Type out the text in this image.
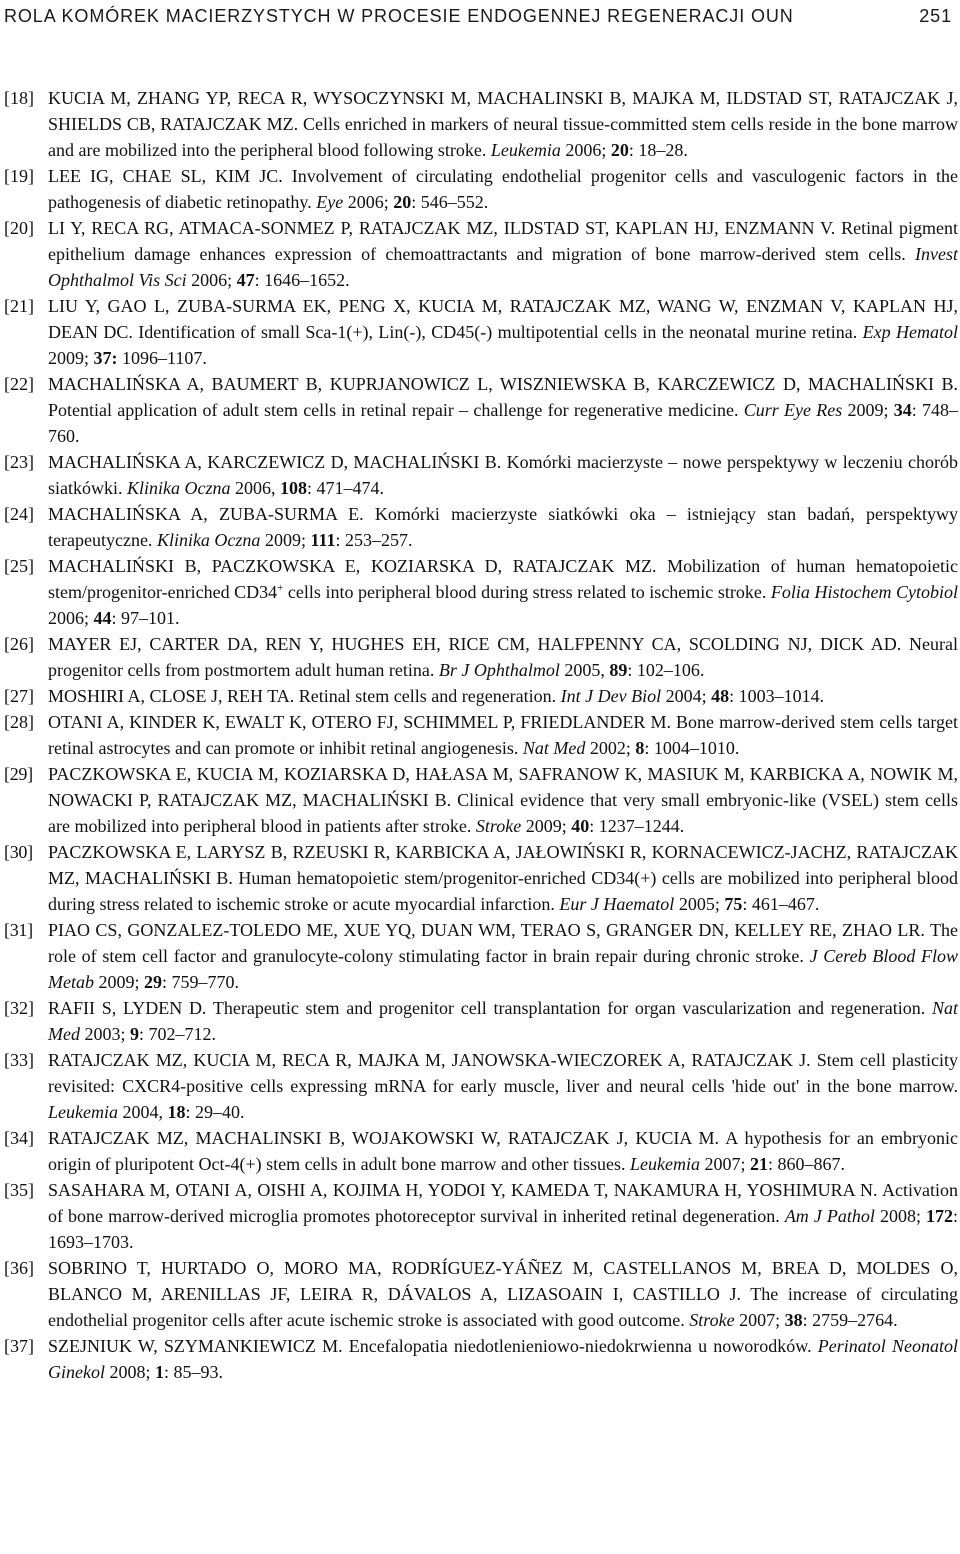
ROLA KOMÓREK MACIERZYSTYCH W PROCESIE ENDOGENNEJ REGENERACJI OUN	251
[18] KUCIA M, ZHANG YP, RECA R, WYSOCZYNSKI M, MACHALINSKI B, MAJKA M, ILDSTAD ST, RATAJCZAK J, SHIELDS CB, RATAJCZAK MZ. Cells enriched in markers of neural tissue-committed stem cells reside in the bone marrow and are mobilized into the peripheral blood following stroke. Leukemia 2006; 20: 18–28.
[19] LEE IG, CHAE SL, KIM JC. Involvement of circulating endothelial progenitor cells and vasculogenic factors in the pathogenesis of diabetic retinopathy. Eye 2006; 20: 546–552.
[20] LI Y, RECA RG, ATMACA-SONMEZ P, RATAJCZAK MZ, ILDSTAD ST, KAPLAN HJ, ENZMANN V. Retinal pigment epithelium damage enhances expression of chemoattractants and migration of bone marrow-derived stem cells. Invest Ophthalmol Vis Sci 2006; 47: 1646–1652.
[21] LIU Y, GAO L, ZUBA-SURMA EK, PENG X, KUCIA M, RATAJCZAK MZ, WANG W, ENZMAN V, KAPLAN HJ, DEAN DC. Identification of small Sca-1(+), Lin(-), CD45(-) multipotential cells in the neonatal murine retina. Exp Hematol 2009; 37: 1096–1107.
[22] MACHALIŃSKA A, BAUMERT B, KUPRJANOWICZ L, WISZNIEWSKA B, KARCZEWICZ D, MACHALIŃSKI B. Potential application of adult stem cells in retinal repair – challenge for regenerative medicine. Curr Eye Res 2009; 34: 748–760.
[23] MACHALIŃSKA A, KARCZEWICZ D, MACHALIŃSKI B. Komórki macierzyste – nowe perspektywy w leczeniu chorób siatkówki. Klinika Oczna 2006, 108: 471–474.
[24] MACHALIŃSKA A, ZUBA-SURMA E. Komórki macierzyste siatkówki oka – istniejący stan badań, perspektywy terapeutyczne. Klinika Oczna 2009; 111: 253–257.
[25] MACHALIŃSKI B, PACZKOWSKA E, KOZIARSKA D, RATAJCZAK MZ. Mobilization of human hematopoietic stem/progenitor-enriched CD34+ cells into peripheral blood during stress related to ischemic stroke. Folia Histochem Cytobiol 2006; 44: 97–101.
[26] MAYER EJ, CARTER DA, REN Y, HUGHES EH, RICE CM, HALFPENNY CA, SCOLDING NJ, DICK AD. Neural progenitor cells from postmortem adult human retina. Br J Ophthalmol 2005, 89: 102–106.
[27] MOSHIRI A, CLOSE J, REH TA. Retinal stem cells and regeneration. Int J Dev Biol 2004; 48: 1003–1014.
[28] OTANI A, KINDER K, EWALT K, OTERO FJ, SCHIMMEL P, FRIEDLANDER M. Bone marrow-derived stem cells target retinal astrocytes and can promote or inhibit retinal angiogenesis. Nat Med 2002; 8: 1004–1010.
[29] PACZKOWSKA E, KUCIA M, KOZIARSKA D, HAŁASA M, SAFRANOW K, MASIUK M, KARBICKA A, NOWIK M, NOWACKI P, RATAJCZAK MZ, MACHALIŃSKI B. Clinical evidence that very small embryonic-like (VSEL) stem cells are mobilized into peripheral blood in patients after stroke. Stroke 2009; 40: 1237–1244.
[30] PACZKOWSKA E, LARYSZ B, RZEUSKI R, KARBICKA A, JAŁOWIŃSKI R, KORNACEWICZ-JACHZ, RATAJCZAK MZ, MACHALIŃSKI B. Human hematopoietic stem/progenitor-enriched CD34(+) cells are mobilized into peripheral blood during stress related to ischemic stroke or acute myocardial infarction. Eur J Haematol 2005; 75: 461–467.
[31] PIAO CS, GONZALEZ-TOLEDO ME, XUE YQ, DUAN WM, TERAO S, GRANGER DN, KELLEY RE, ZHAO LR. The role of stem cell factor and granulocyte-colony stimulating factor in brain repair during chronic stroke. J Cereb Blood Flow Metab 2009; 29: 759–770.
[32] RAFII S, LYDEN D. Therapeutic stem and progenitor cell transplantation for organ vascularization and regeneration. Nat Med 2003; 9: 702–712.
[33] RATAJCZAK MZ, KUCIA M, RECA R, MAJKA M, JANOWSKA-WIECZOREK A, RATAJCZAK J. Stem cell plasticity revisited: CXCR4-positive cells expressing mRNA for early muscle, liver and neural cells 'hide out' in the bone marrow. Leukemia 2004, 18: 29–40.
[34] RATAJCZAK MZ, MACHALINSKI B, WOJAKOWSKI W, RATAJCZAK J, KUCIA M. A hypothesis for an embryonic origin of pluripotent Oct-4(+) stem cells in adult bone marrow and other tissues. Leukemia 2007; 21: 860–867.
[35] SASAHARA M, OTANI A, OISHI A, KOJIMA H, YODOI Y, KAMEDA T, NAKAMURA H, YOSHIMURA N. Activation of bone marrow-derived microglia promotes photoreceptor survival in inherited retinal degeneration. Am J Pathol 2008; 172: 1693–1703.
[36] SOBRINO T, HURTADO O, MORO MA, RODRÍGUEZ-YÁÑEZ M, CASTELLANOS M, BREA D, MOLDES O, BLANCO M, ARENILLAS JF, LEIRA R, DÁVALOS A, LIZASOAIN I, CASTILLO J. The increase of circulating endothelial progenitor cells after acute ischemic stroke is associated with good outcome. Stroke 2007; 38: 2759–2764.
[37] SZEJNIUK W, SZYMANKIEWICZ M. Encefalopatia niedotlenieniowo-niedokrwienna u noworodków. Perinatol Neonatol Ginekol 2008; 1: 85–93.
